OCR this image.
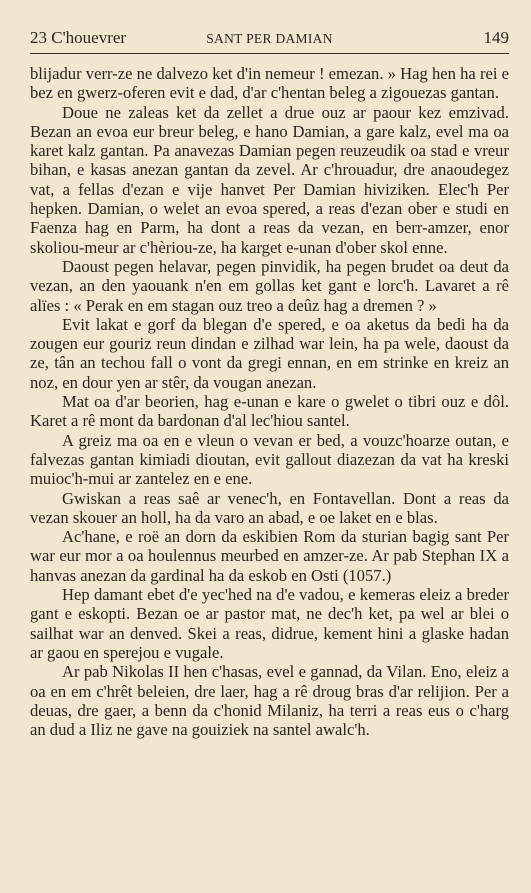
23 C'houevrer	SANT PER DAMIAN	149

blijadur verr-ze ne dalvezo ket d'in nemeur ! emezan. » Hag hen ha rei e bez en gwerz-oferen evit e dad, d'ar c'hentan beleg a zigouezas gantan.

Doue ne zaleas ket da zellet a drue ouz ar paour kez emzivad. Bezan an evoa eur breur beleg, e hano Damian, a gare kalz, evel ma oa karet kalz gantan. Pa anavezas Damian pegen reuzeudik oa stad e vreur bihan, e kasas anezan gantan da zevel. Ar c'hrouadur, dre anaoudegez vat, a fellas d'ezan e vije hanvet Per Damian hiviziken. Elec'h Per hepken. Damian, o welet an evoa spered, a reas d'ezan ober e studi en Faenza hag en Parm, ha dont a reas da vezan, en berr-amzer, enor skoliou-meur ar c'hèriou-ze, ha karget e-unan d'ober skol enne.

Daoust pegen helavar, pegen pinvidik, ha pegen brudet oa deut da vezan, an den yaouank n'en em gollas ket gant e lorc'h. Lavaret a rê alïes : « Perak en em stagan ouz treo a deûz hag a dremen ? »

Evit lakat e gorf da blegan d'e spered, e oa aketus da bedi ha da zougen eur gouriz reun dindan e zilhad war lein, ha pa wele, daoust da ze, tân an techou fall o vont da gregi ennan, en em strinke en kreiz an noz, en dour yen ar stêr, da vougan anezan.

Mat oa d'ar beorien, hag e-unan e kare o gwelet o tibri ouz e dôl. Karet a rê mont da bardonan d'al lec'hiou santel.

A greiz ma oa en e vleun o vevan er bed, a vouzc'hoarze outan, e falvezas gantan kimiadi dioutan, evit gallout diazezan da vat ha kreski muioc'h-mui ar zantelez en e ene.

Gwiskan a reas saê ar venec'h, en Fontavellan. Dont a reas da vezan skouer an holl, ha da varo an abad, e oe laket en e blas.

Ac'hane, e roë an dorn da eskibien Rom da sturian bagig sant Per war eur mor a oa houlennus meurbed en amzer-ze. Ar pab Stephan IX a hanvas anezan da gardinal ha da eskob en Osti (1057.)

Hep damant ebet d'e yec'hed na d'e vadou, e kemeras eleiz a breder gant e eskopti. Bezan oe ar pastor mat, ne dec'h ket, pa wel ar blei o sailhat war an denved. Skei a reas, didrue, kement hini a glaske hadan ar gaou en sperejou e vugale.

Ar pab Nikolas II hen c'hasas, evel e gannad, da Vilan. Eno, eleiz a oa en em c'hrêt beleien, dre laer, hag a rê droug bras d'ar relijion. Per a deuas, dre gaer, a benn da c'honid Milaniz, ha terri a reas eus o c'harg an dud a Iliz ne gave na gouiziek na santel awalc'h.
